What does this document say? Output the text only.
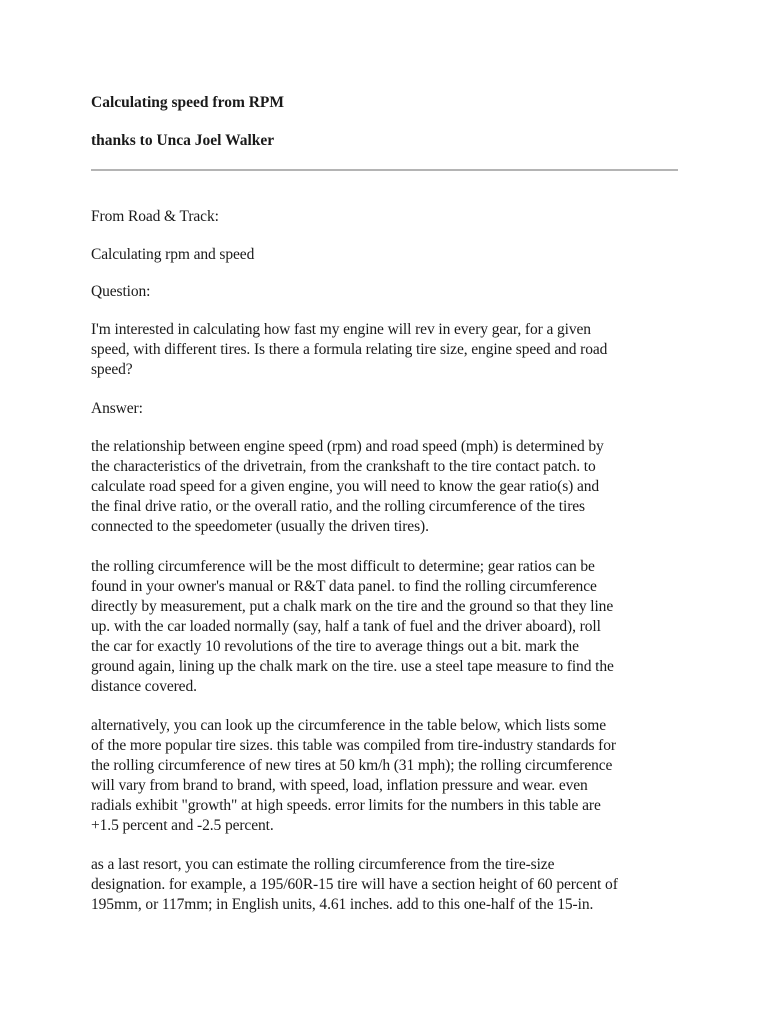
Calculating speed from RPM
thanks to Unca Joel Walker

From Road & Track:

Calculating rpm and speed

Question:

I'm interested in calculating how fast my engine will rev in every gear, for a given
speed, with different tires. Is there a formula relating tire size, engine speed and road
speed?

Answer:

the relationship between engine speed (rpm) and road speed (mph) is determined by
the characteristics of the drivetrain, from the crankshaft to the tire contact patch. to
calculate road speed for a given engine, you will need to know the gear ratio(s) and
the final drive ratio, or the overall ratio, and the rolling circumference of the tires
connected to the speedometer (usually the driven tires).

the rolling circumference will be the most difficult to determine; gear ratios can be
found in your owner's manual or R&T data panel. to find the rolling circumference
directly by measurement, put a chalk mark on the tire and the ground so that they line
up. with the car loaded normally (say, half a tank of fuel and the driver aboard), roll
the car for exactly 10 revolutions of the tire to average things out a bit. mark the
ground again, lining up the chalk mark on the tire. use a steel tape measure to find the
distance covered.

alternatively, you can look up the circumference in the table below, which lists some
of the more popular tire sizes. this table was compiled from tire-industry standards for
the rolling circumference of new tires at 50 km/h (31 mph); the rolling circumference
will vary from brand to brand, with speed, load, inflation pressure and wear. even
radials exhibit "growth" at high speeds. error limits for the numbers in this table are
+1.5 percent and -2.5 percent.

as a last resort, you can estimate the rolling circumference from the tire-size
designation. for example, a 195/60R-15 tire will have a section height of 60 percent of
195mm, or 117mm; in English units, 4.61 inches. add to this one-half of the 15-in.
